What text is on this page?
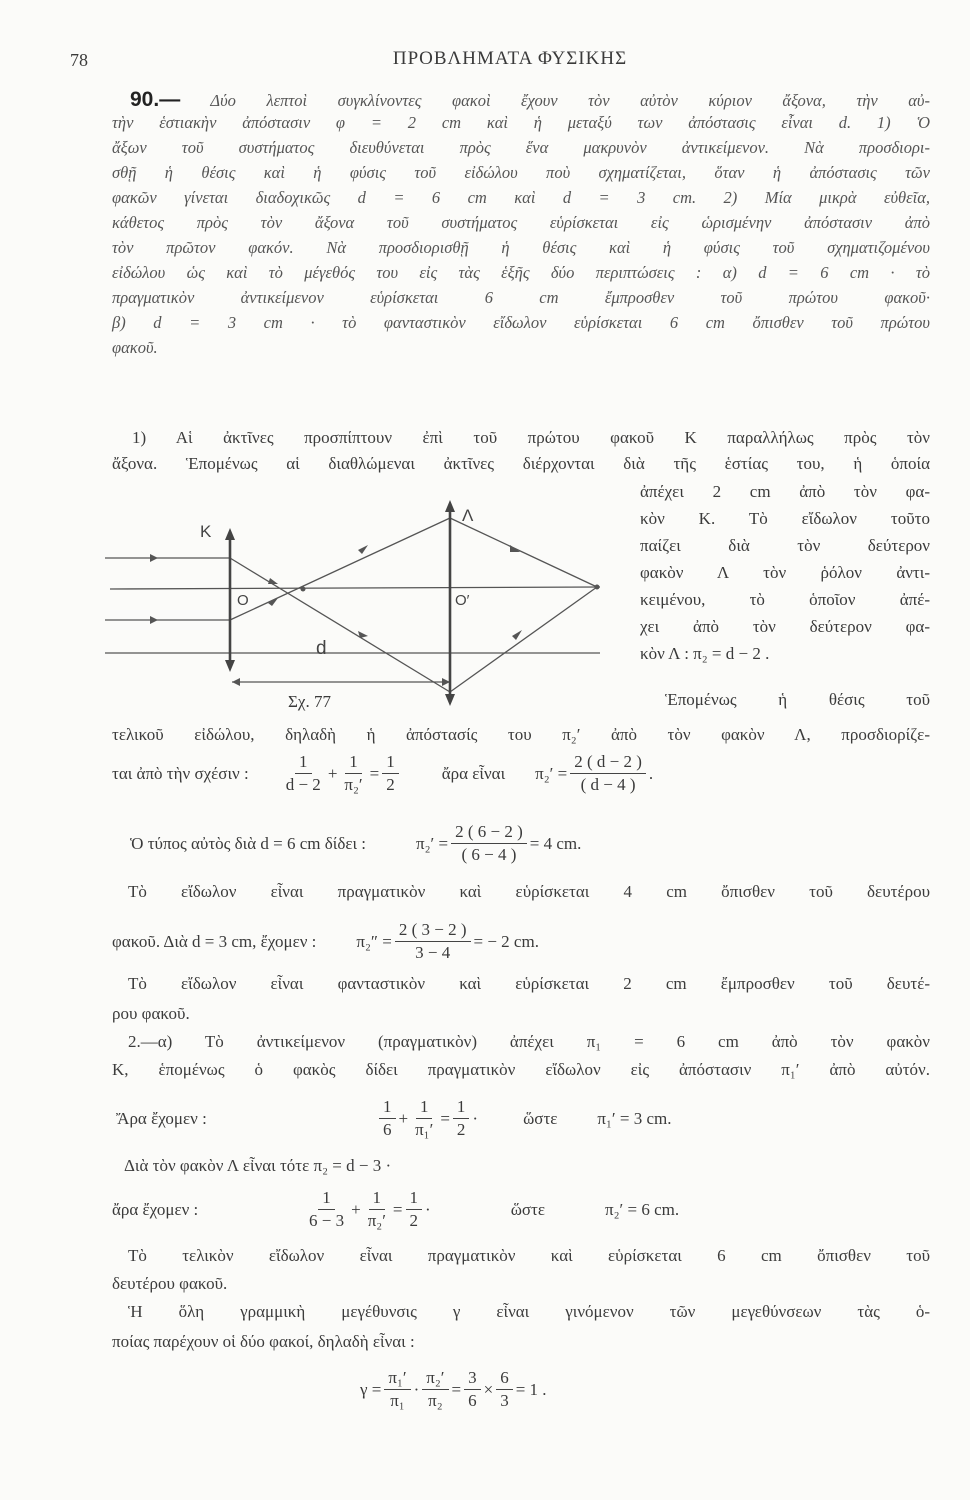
78	ΠΡΟΒΛΗΜΑΤΑ ΦΥΣΙΚΗΣ
90.— Δύο λεπτοὶ συγκλίνοντες φακοὶ ἔχουν τὸν αὐτὸν κύριον ἄξονα, τὴν αὐ-
τὴν ἑστιακὴν ἀπόστασιν φ = 2 cm καὶ ἡ μεταξύ των ἀπόστασις εἶναι d. 1) Ὁ
ἄξων τοῦ συστήματος διευθύνεται πρὸς ἕνα μακρυνὸν ἀντικείμενον. Νὰ προσδιορι-
σθῇ ἡ θέσις καὶ ἡ φύσις τοῦ εἰδώλου ποὺ σχηματίζεται, ὅταν ἡ ἀπόστασις τῶν
φακῶν γίνεται διαδοχικῶς d = 6 cm καὶ d = 3 cm. 2) Μία μικρὰ εὐθεῖα,
κάθετος πρὸς τὸν ἄξονα τοῦ συστήματος εὑρίσκεται εἰς ὡρισμένην ἀπόστασιν ἀπὸ
τὸν πρῶτον φακόν. Νὰ προσδιορισθῇ ἡ θέσις καὶ ἡ φύσις τοῦ σχηματιζομένου
εἰδώλου ὡς καὶ τὸ μέγεθός του εἰς τὰς ἑξῆς δύο περιπτώσεις : α) d = 6 cm · τὸ
πραγματικὸν ἀντικείμενον εὑρίσκεται 6 cm ἔμπροσθεν τοῦ πρώτου φακοῦ·
β) d = 3 cm · τὸ φανταστικὸν εἴδωλον εὑρίσκεται 6 cm ὄπισθεν τοῦ πρώτου
φακοῦ.
1) Αἱ ἀκτῖνες προσπίπτουν ἐπὶ τοῦ πρώτου φακοῦ Κ παραλλήλως πρὸς τὸν
ἄξονα. Ἑπομένως αἱ διαθλώμεναι ἀκτῖνες διέρχονται διὰ τῆς ἑστίας του, ἡ ὁποία
ἀπέχει 2 cm ἀπὸ τὸν φα-
κὸν Κ. Τὸ εἴδωλον τοῦτο
παίζει διὰ τὸν δεύτερον
φακὸν Λ τὸν ῥόλον ἀντι-
κειμένου, τὸ ὁποῖον ἀπέ-
χει ἀπὸ τὸν δεύτερον φα-
κὸν Λ : π₂ = d − 2 .
Ἑπομένως ἡ θέσις τοῦ
K
Λ
O	O′
d
Σχ. 77
τελικοῦ εἰδώλου, δηλαδὴ ἡ ἀπόστασίς του π₂′ ἀπὸ τὸν φακὸν Λ, προσδιορίζε-
ται ἀπὸ τὴν σχέσιν : $\frac{1}{d - 2} + \frac{1}{\text{π₂′}} = \frac{1}{2}$	ἄρα εἶναι $\pi_2' = \frac{2 ( d - 2 )}{( d - 4 )}$ .
Ὁ τύπος αὐτὸς διὰ d = 6 cm δίδει :	$\pi_2' = \frac{2 ( 6 - 2 )}{( 6 - 4 )} = 4$ cm.
Τὸ εἴδωλον εἶναι πραγματικὸν καὶ εὑρίσκεται 4 cm ὄπισθεν τοῦ δευτέρου
φακοῦ. Διὰ d = 3 cm, ἔχομεν : $\pi_2'' = \frac{2 ( 3 - 2 )}{3 - 4}$ = − 2 cm.
Τὸ εἴδωλον εἶναι φανταστικὸν καὶ εὑρίσκεται 2 cm ἔμπροσθεν τοῦ δευτέ-
ρου φακοῦ.
2.—α) Τὸ ἀντικείμενον (πραγματικὸν) ἀπέχει π₁ = 6 cm ἀπὸ τὸν φακὸν
Κ, ἑπομένως ὁ φακὸς δίδει πραγματικὸν εἴδωλον εἰς ἀπόστασιν π₁′ ἀπὸ αὐτόν.
Ἄρα ἔχομεν :	$\frac{1}{6} + \frac{1}{\text{π₁′}} = \frac{1}{2}$ ·	ὥστε π₁′ = 3 cm.
Διὰ τὸν φακὸν Λ εἶναι τότε π₂ = d − 3 ·
ἄρα ἔχομεν :	$\frac{1}{6 - 3} + \frac{1}{\text{π₂′}} = \frac{1}{2}$ ·	ὥστε	π₂′ = 6 cm.
Τὸ τελικὸν εἴδωλον εἶναι πραγματικὸν καὶ εὑρίσκεται 6 cm ὄπισθεν τοῦ
δευτέρου φακοῦ.
Ἡ ὅλη γραμμικὴ μεγέθυνσις γ εἶναι γινόμενον τῶν μεγεθύνσεων τὰς ὁ-
ποίας παρέχουν οἱ δύο φακοί, δηλαδὴ εἶναι :
$\gamma = \frac{\text{π₁′}}{\text{π₁}} \cdot \frac{\text{π₂′}}{\text{π₂}} = \frac{3}{6} \times \frac{6}{3} = 1$ .
